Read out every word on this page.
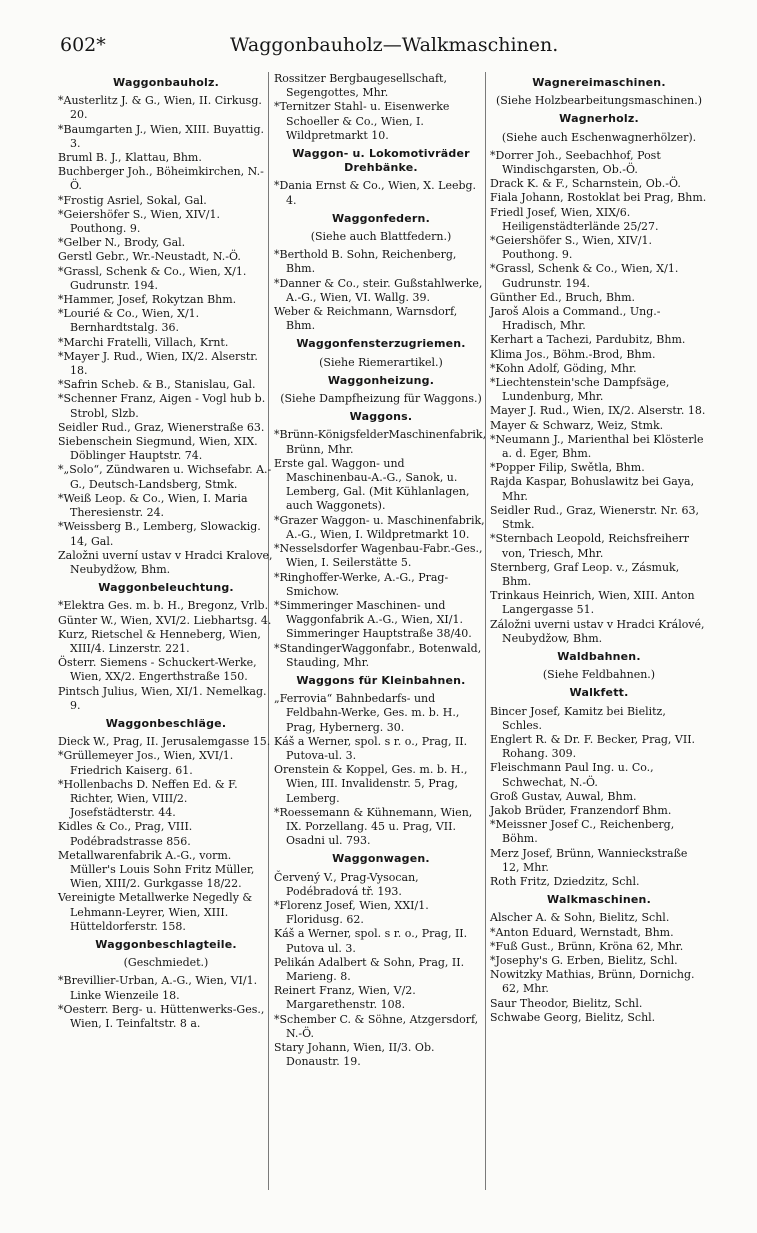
602*	Waggonbauholz—Walkmaschinen.
Waggonbauholz.
*Austerlitz J. & G., Wien, II. Cirkusg. 20.
*Baumgarten J., Wien, XIII. Buyattig. 3.
Bruml B. J., Klattau, Bhm.
Buchberger Joh., Böheimkirchen, N.-Ö.
*Frostig Asriel, Sokal, Gal.
*Geiershöfer S., Wien, XIV/1. Pouthong. 9.
*Gelber N., Brody, Gal.
Gerstl Gebr., Wr.-Neustadt, N.-Ö.
*Grassl, Schenk & Co., Wien, X/1. Gudrunstr. 194.
*Hammer, Josef, Rokytzan Bhm.
*Lourié & Co., Wien, X/1. Bernhardtstalg. 36.
*Marchi Fratelli, Villach, Krnt.
*Mayer J. Rud., Wien, IX/2. Alserstr. 18.
*Safrin Scheb. & B., Stanislau, Gal.
*Schenner Franz, Aigen - Vogl hub b. Strobl, Slzb.
Seidler Rud., Graz, Wienerstraße 63.
Siebenschein Siegmund, Wien, XIX. Döblinger Hauptstr. 74.
*„Solo“, Zündwaren u. Wichsefabr. A.-G., Deutsch-Landsberg, Stmk.
*Weiß Leop. & Co., Wien, I. Maria Theresienstr. 24.
*Weissberg B., Lemberg, Slowackig. 14, Gal.
Založni uverní ustav v Hradci Kralove, Neubydžow, Bhm.
Waggonbeleuchtung.
*Elektra Ges. m. b. H., Bregonz, Vrlb.
Günter W., Wien, XVI/2. Liebhartsg. 4.
Kurz, Rietschel & Henneberg, Wien, XIII/4. Linzerstr. 221.
Österr. Siemens - Schuckert-Werke, Wien, XX/2. Engerthstraße 150.
Pintsch Julius, Wien, XI/1. Nemelkag. 9.
Waggonbeschläge.
Dieck W., Prag, II. Jerusalemgasse 15.
*Grüllemeyer Jos., Wien, XVI/1. Friedrich Kaiserg. 61.
*Hollenbachs D. Neffen Ed. & F. Richter, Wien, VIII/2. Josefstädterstr. 44.
Kidles & Co., Prag, VIII. Podébradstrasse 856.
Metallwarenfabrik A.-G., vorm. Müller's Louis Sohn Fritz Müller, Wien, XIII/2. Gurkgasse 18/22.
Vereinigte Metallwerke Negedly & Lehmann-Leyrer, Wien, XIII. Hütteldorferstr. 158.
Waggonbeschlagteile.
(Geschmiedet.)
*Brevillier-Urban, A.-G., Wien, VI/1. Linke Wienzeile 18.
*Oesterr. Berg- u. Hüttenwerks-Ges., Wien, I. Teinfaltstr. 8 a.
Rossitzer Bergbaugesellschaft, Segengottes, Mhr.
*Ternitzer Stahl- u. Eisenwerke Schoeller & Co., Wien, I. Wildpretmarkt 10.
Waggon- u. Lokomotivräder Drehbänke.
*Dania Ernst & Co., Wien, X. Leebg. 4.
Waggonfedern.
(Siehe auch Blattfedern.)
*Berthold B. Sohn, Reichenberg, Bhm.
*Danner & Co., steir. Gußstahlwerke, A.-G., Wien, VI. Wallg. 39.
Weber & Reichmann, Warnsdorf, Bhm.
Waggonfensterzugriemen.
(Siehe Riemerartikel.)
Waggonheizung.
(Siehe Dampfheizung für Waggons.)
Waggons.
*Brünn-KönigsfelderMaschinenfabrik, Brünn, Mhr.
Erste gal. Waggon- und Maschinenbau-A.-G., Sanok, u. Lemberg, Gal. (Mit Kühlanlagen, auch Waggonets).
*Grazer Waggon- u. Maschinenfabrik, A.-G., Wien, I. Wildpretmarkt 10.
*Nesselsdorfer Wagenbau-Fabr.-Ges., Wien, I. Seilerstätte 5.
*Ringhoffer-Werke, A.-G., Prag-Smichow.
*Simmeringer Maschinen- und Waggonfabrik A.-G., Wien, XI/1. Simmeringer Hauptstraße 38/40.
*StandingerWaggonfabr., Botenwald, Stauding, Mhr.
Waggons für Kleinbahnen.
„Ferrovia“ Bahnbedarfs- und Feldbahn-Werke, Ges. m. b. H., Prag, Hybernerg. 30.
Káš a Werner, spol. s r. o., Prag, II. Putova-ul. 3.
Orenstein & Koppel, Ges. m. b. H., Wien, III. Invalidenstr. 5, Prag, Lemberg.
*Roessemann & Kühnemann, Wien, IX. Porzellang. 45 u. Prag, VII. Osadni ul. 793.
Waggonwagen.
Červený V., Prag-Vysocan, Podébradová tř. 193.
*Florenz Josef, Wien, XXI/1. Floridusg. 62.
Káš a Werner, spol. s r. o., Prag, II. Putova ul. 3.
Pelikán Adalbert & Sohn, Prag, II. Marieng. 8.
Reinert Franz, Wien, V/2. Margarethenstr. 108.
*Schember C. & Söhne, Atzgersdorf, N.-Ö.
Stary Johann, Wien, II/3. Ob. Donaustr. 19.
Wagnereimaschinen.
(Siehe Holzbearbeitungsmaschinen.)
Wagnerholz.
(Siehe auch Eschenwagnerhölzer).
*Dorrer Joh., Seebachhof, Post Windischgarsten, Ob.-Ö.
Drack K. & F., Scharnstein, Ob.-Ö.
Fiala Johann, Rostoklat bei Prag, Bhm.
Friedl Josef, Wien, XIX/6. Heiligenstädterlände 25/27.
*Geiershöfer S., Wien, XIV/1. Pouthong. 9.
*Grassl, Schenk & Co., Wien, X/1. Gudrunstr. 194.
Günther Ed., Bruch, Bhm.
Jaroš Alois a Command., Ung.-Hradisch, Mhr.
Kerhart a Tachezi, Pardubitz, Bhm.
Klima Jos., Böhm.-Brod, Bhm.
*Kohn Adolf, Göding, Mhr.
*Liechtenstein'sche Dampfsäge, Lundenburg, Mhr.
Mayer J. Rud., Wien, IX/2. Alserstr. 18.
Mayer & Schwarz, Weiz, Stmk.
*Neumann J., Marienthal bei Klösterle a. d. Eger, Bhm.
*Popper Filip, Swětla, Bhm.
Rajda Kaspar, Bohuslawitz bei Gaya, Mhr.
Seidler Rud., Graz, Wienerstr. Nr. 63, Stmk.
*Sternbach Leopold, Reichsfreiherr von, Triesch, Mhr.
Sternberg, Graf Leop. v., Zásmuk, Bhm.
Trinkaus Heinrich, Wien, XIII. Anton Langergasse 51.
Záložni uverni ustav v Hradci Králové, Neubydžow, Bhm.
Waldbahnen.
(Siehe Feldbahnen.)
Walkfett.
Bincer Josef, Kamitz bei Bielitz, Schles.
Englert R. & Dr. F. Becker, Prag, VII. Rohang. 309.
Fleischmann Paul Ing. u. Co., Schwechat, N.-Ö.
Groß Gustav, Auwal, Bhm.
Jakob Brüder, Franzendorf Bhm.
*Meissner Josef C., Reichenberg, Böhm.
Merz Josef, Brünn, Wannieckstraße 12, Mhr.
Roth Fritz, Dziedzitz, Schl.
Walkmaschinen.
Alscher A. & Sohn, Bielitz, Schl.
*Anton Eduard, Wernstadt, Bhm.
*Fuß Gust., Brünn, Kröna 62, Mhr.
*Josephy's G. Erben, Bielitz, Schl.
Nowitzky Mathias, Brünn, Dornichg. 62, Mhr.
Saur Theodor, Bielitz, Schl.
Schwabe Georg, Bielitz, Schl.
